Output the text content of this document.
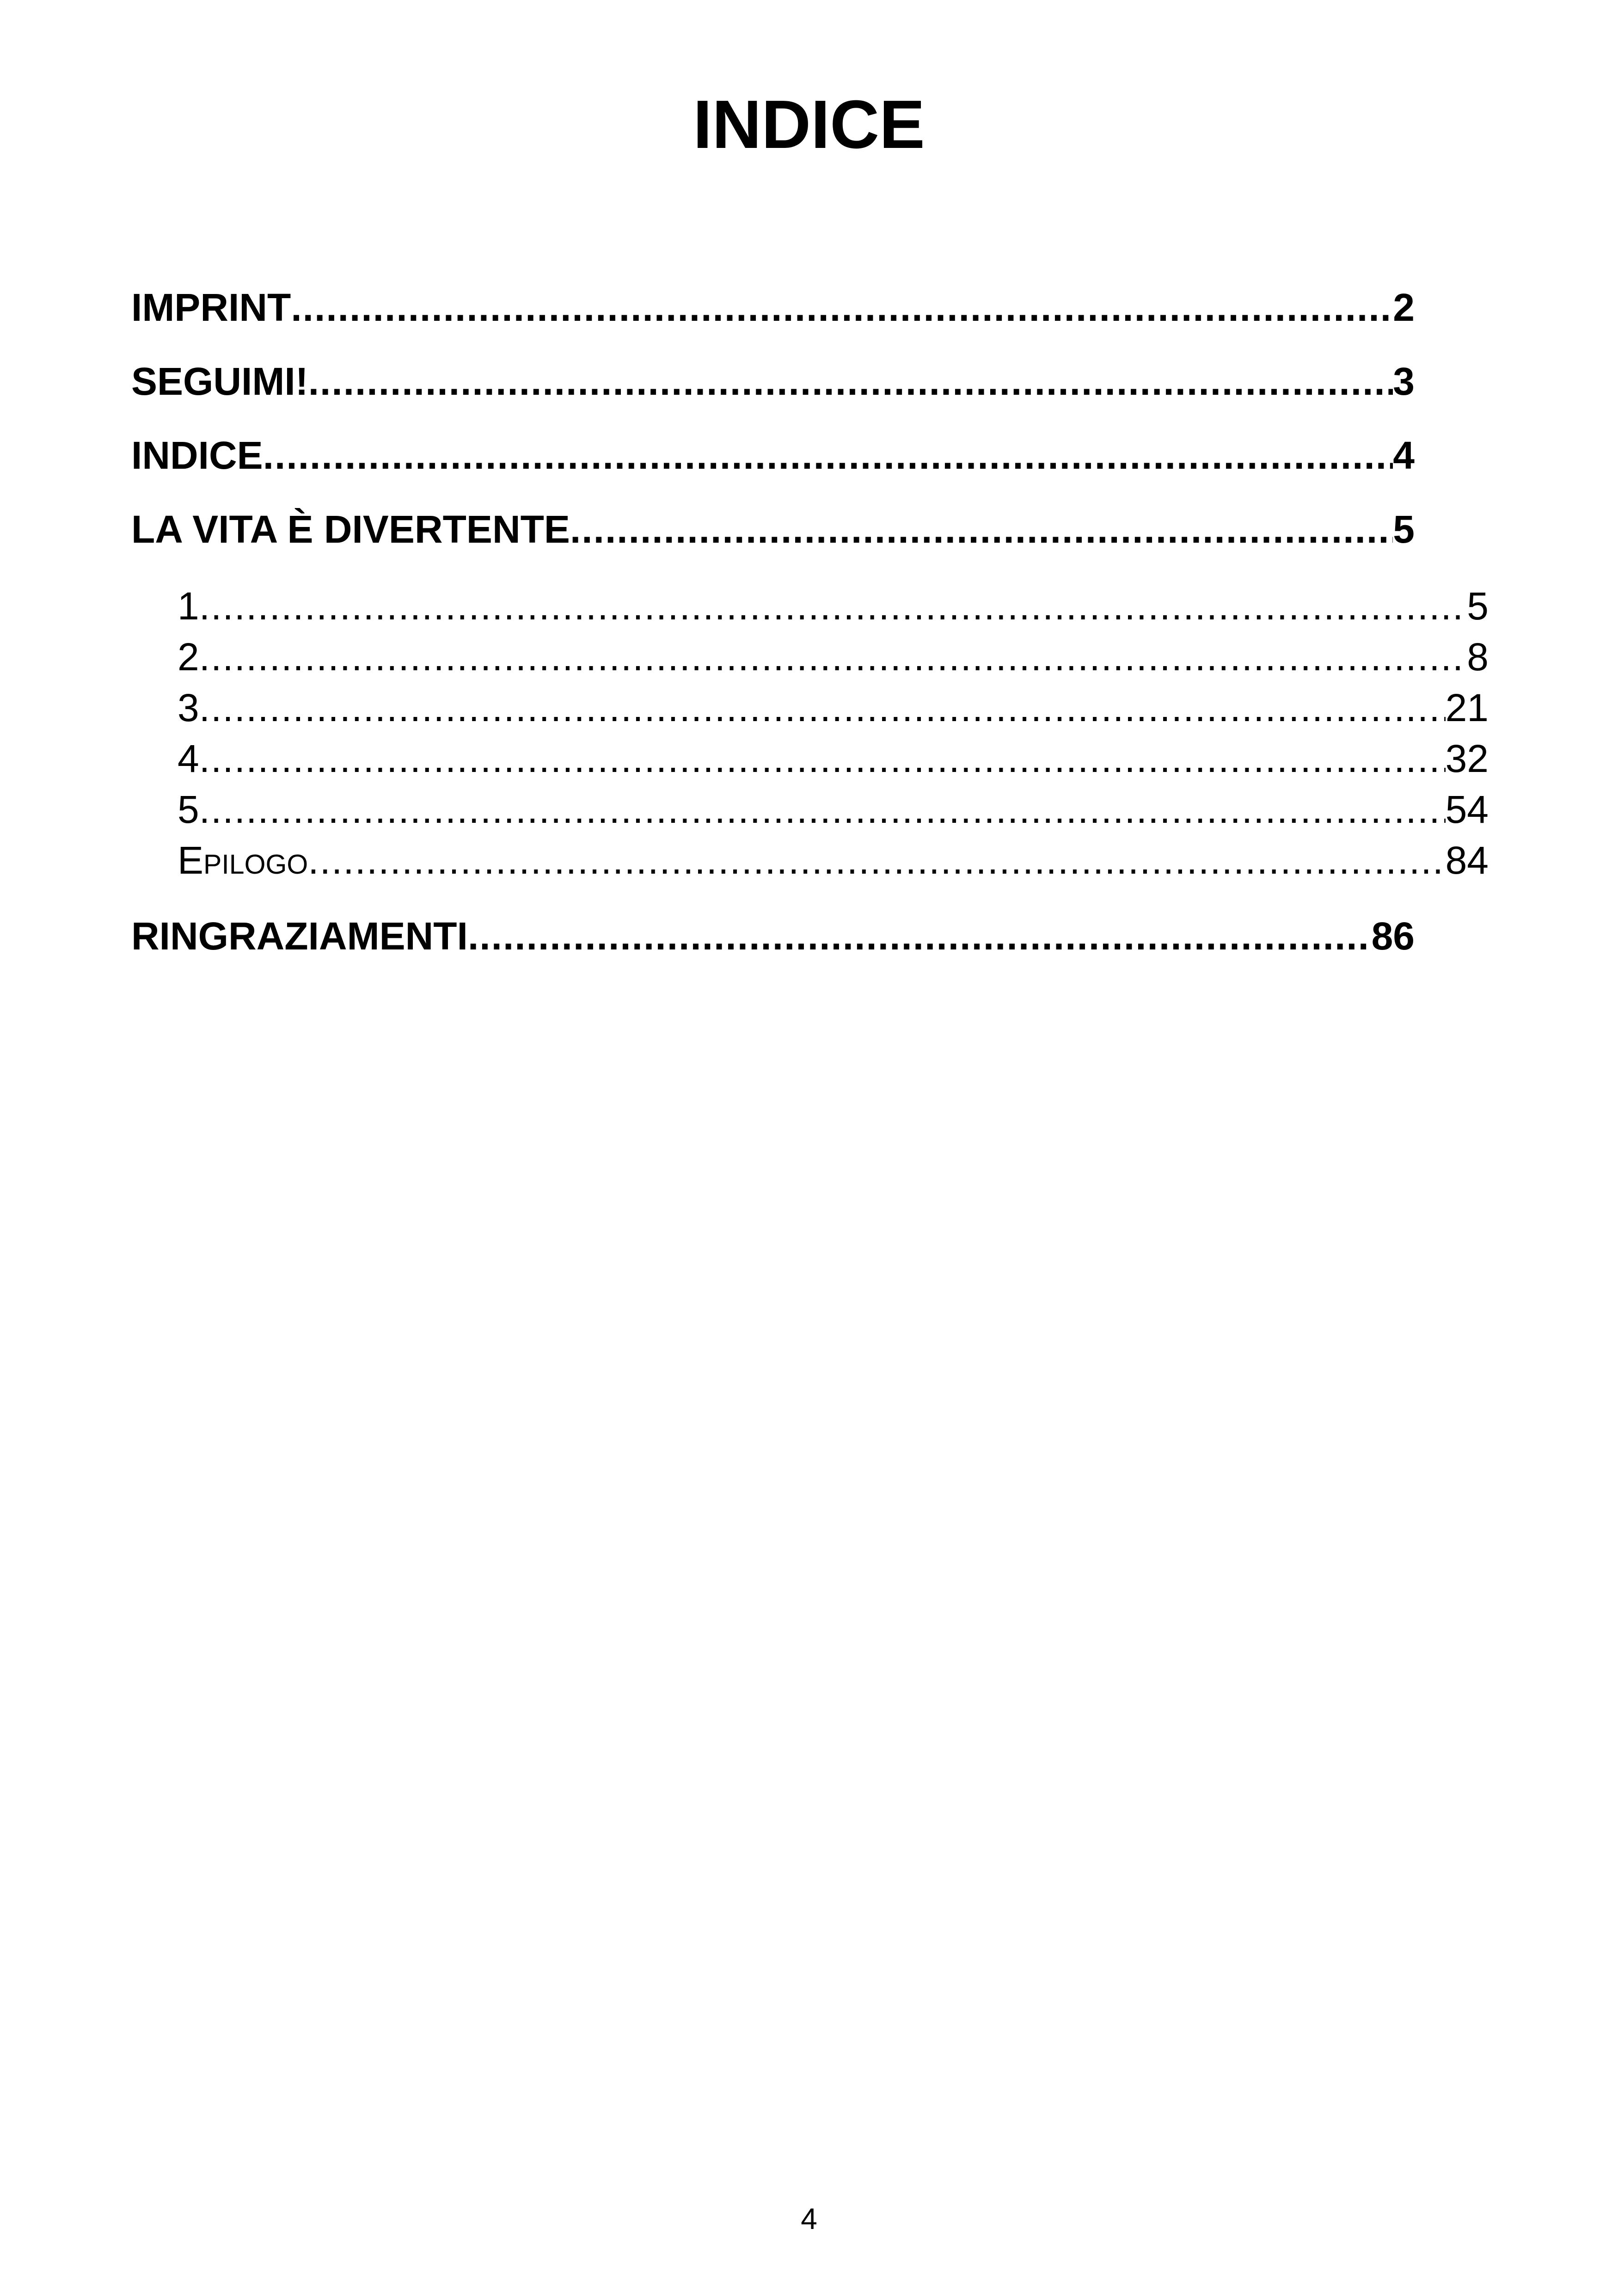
INDICE
IMPRINT .....	2
SEGUIMI! .....	3
INDICE .....	4
LA VITA È DIVERTENTE .....	5
1 .....	5
2 .....	8
3 .....	21
4 .....	32
5 .....	54
Epilogo .....	84
RINGRAZIAMENTI .....	86
4
